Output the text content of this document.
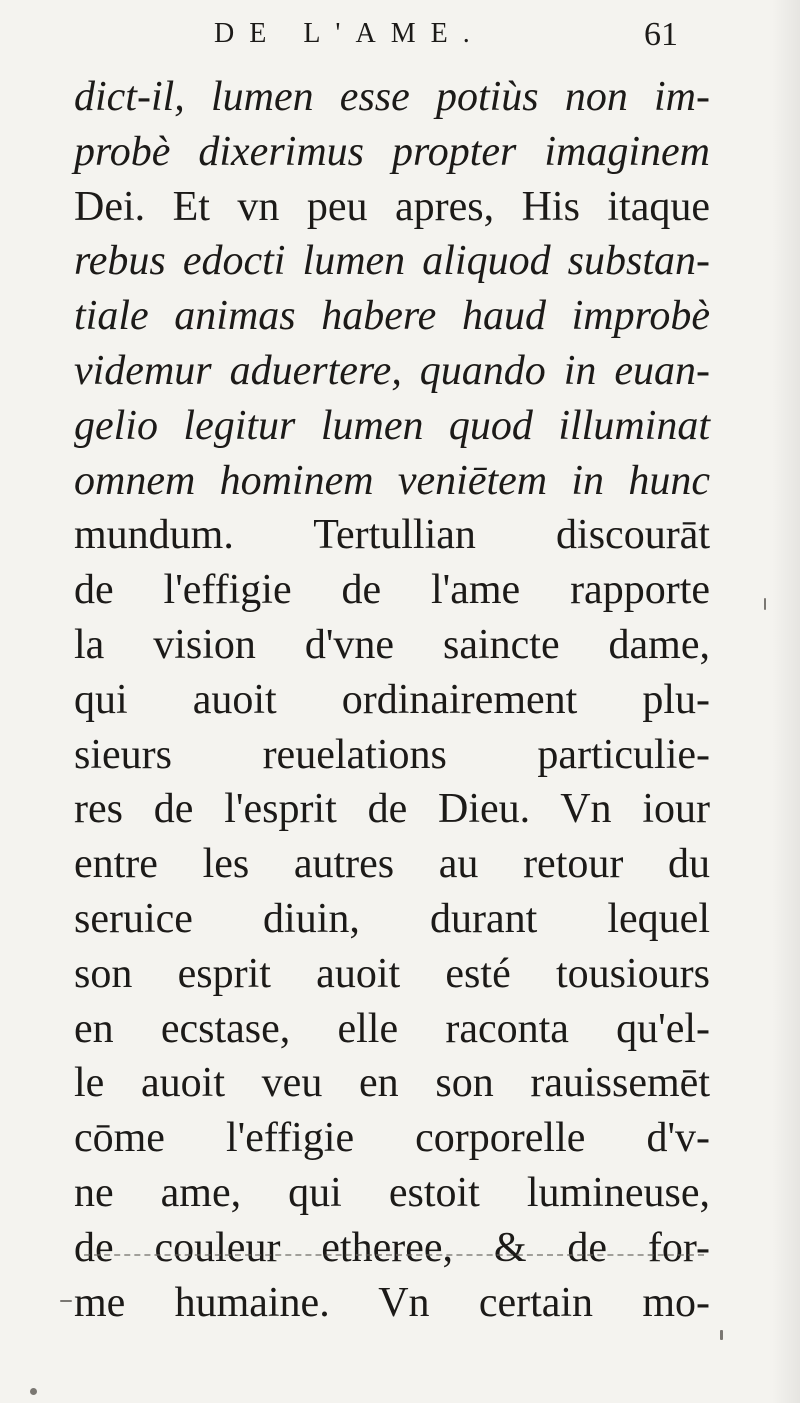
DE L'AME.	61
dict-il, lumen esse potiùs non im-
probè dixerimus propter imaginem
Dei. Et vn peu apres, His itaque
rebus edocti lumen aliquod substan-
tiale animas habere haud improbè
videmur aduertere, quando in euan-
gelio legitur lumen quod illuminat
omnem hominem veniētem in hunc
mundum. Tertullian discourāt
de l'effigie de l'ame rapporte
la vision d'vne saincte dame,
qui auoit ordinairement plu-
sieurs reuelations particulie-
res de l'esprit de Dieu. Vn iour
entre les autres au retour du
seruice diuin, durant lequel
son esprit auoit esté tousiours
en ecstase, elle raconta qu'el-
le auoit veu en son rauissemēt
cōme l'effigie corporelle d'v-
ne ame, qui estoit lumineuse,
de couleur etheree, & de for-
me humaine. Vn certain mo-
